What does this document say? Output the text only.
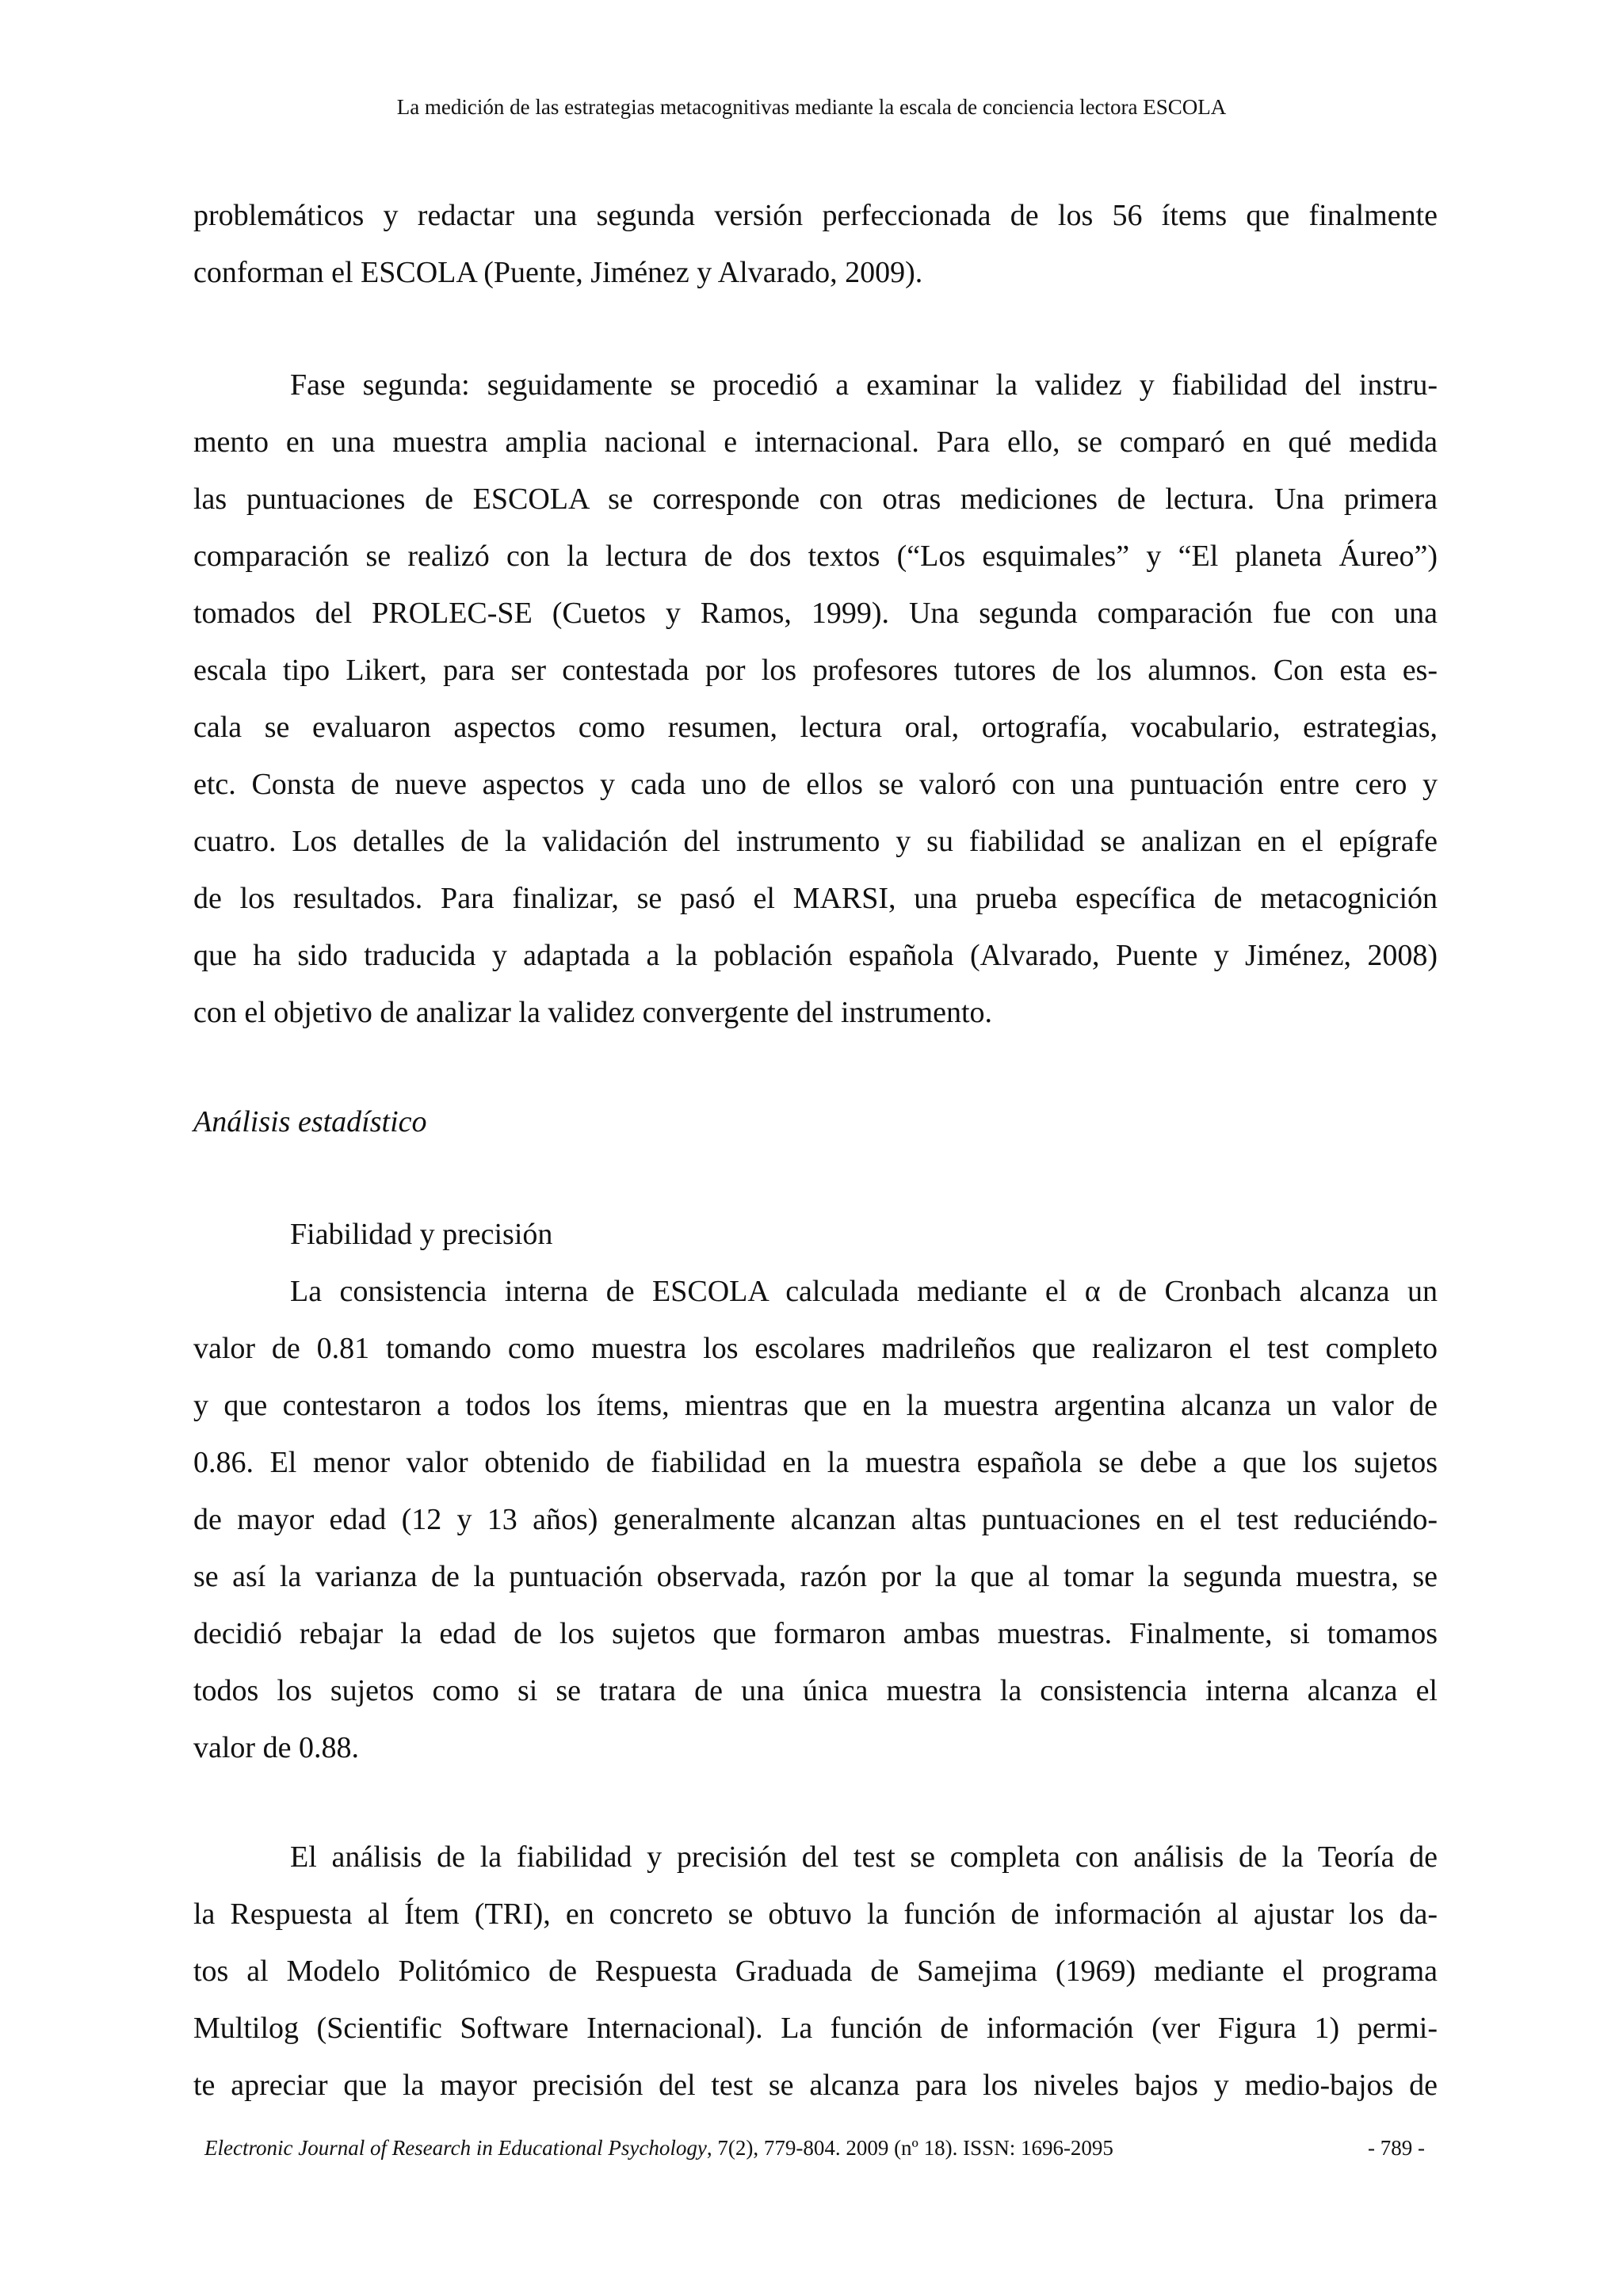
La medición de las estrategias metacognitivas mediante la escala de conciencia lectora ESCOLA
problemáticos y redactar una segunda versión perfeccionada de los 56 ítems que finalmente
conforman el ESCOLA (Puente, Jiménez y Alvarado, 2009).
Fase segunda: seguidamente se procedió a examinar la validez y fiabilidad del instru-
mento en una muestra amplia nacional e internacional. Para ello, se comparó en qué medida
las puntuaciones de ESCOLA se corresponde con otras mediciones de lectura. Una primera
comparación se realizó con la lectura de dos textos (“Los esquimales” y “El planeta Áureo”)
tomados del PROLEC-SE (Cuetos y Ramos, 1999). Una segunda comparación fue con una
escala tipo Likert, para ser contestada por los profesores tutores de los alumnos. Con esta es-
cala se evaluaron aspectos como resumen, lectura oral, ortografía, vocabulario, estrategias,
etc. Consta de nueve aspectos y cada uno de ellos se valoró con una puntuación entre cero y
cuatro. Los detalles de la validación del instrumento y su fiabilidad se analizan en el epígrafe
de los resultados. Para finalizar, se pasó el MARSI, una prueba específica de metacognición
que ha sido traducida y adaptada a la población española (Alvarado, Puente y Jiménez, 2008)
con el objetivo de analizar la validez convergente del instrumento.
Análisis estadístico
Fiabilidad y precisión
La consistencia interna de ESCOLA calculada mediante el α de Cronbach alcanza un
valor de 0.81 tomando como muestra los escolares madrileños que realizaron el test completo
y que contestaron a todos los ítems, mientras que en la muestra argentina alcanza un valor de
0.86. El menor valor obtenido de fiabilidad en la muestra española se debe a que los sujetos
de mayor edad (12 y 13 años) generalmente alcanzan altas puntuaciones en el test reduciéndo-
se así la varianza de la puntuación observada, razón por la que al tomar la segunda muestra, se
decidió rebajar la edad de los sujetos que formaron ambas muestras. Finalmente, si tomamos
todos los sujetos como si se tratara de una única muestra la consistencia interna alcanza el
valor de 0.88.
El análisis de la fiabilidad y precisión del test se completa con análisis de la Teoría de
la Respuesta al Ítem (TRI), en concreto se obtuvo la función de información al ajustar los da-
tos al Modelo Politómico de Respuesta Graduada de Samejima (1969) mediante el programa
Multilog (Scientific Software Internacional). La función de información (ver Figura 1) permi-
te apreciar que la mayor precisión del test se alcanza para los niveles bajos y medio-bajos de
Electronic Journal of Research in Educational Psychology, 7(2), 779-804. 2009 (nº 18). ISSN: 1696-2095	- 789 -
